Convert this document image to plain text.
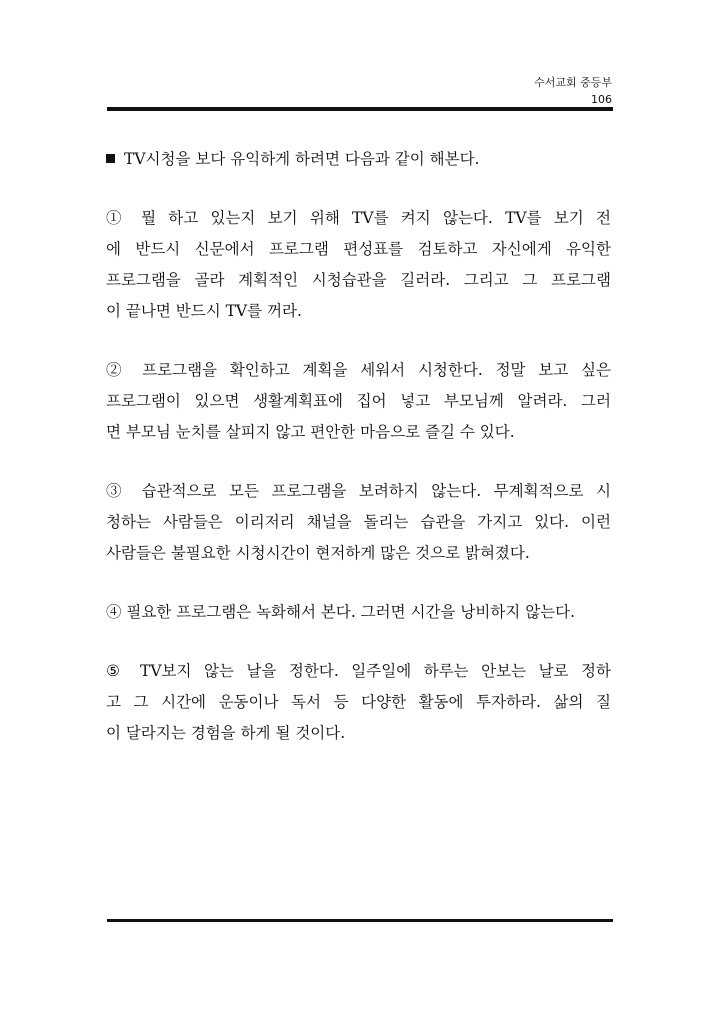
수서교회 중등부
106
TV시청을 보다 유익하게 하려면 다음과 같이 해본다.
① 뭘 하고 있는지 보기 위해 TV를 켜지 않는다. TV를 보기 전
에 반드시 신문에서 프로그램 편성표를 검토하고 자신에게 유익한
프로그램을 골라 계획적인 시청습관을 길러라. 그리고 그 프로그램
이 끝나면 반드시 TV를 꺼라.
② 프로그램을 확인하고 계획을 세워서 시청한다. 정말 보고 싶은
프로그램이 있으면 생활계획표에 집어 넣고 부모님께 알려라. 그러
면 부모님 눈치를 살피지 않고 편안한 마음으로 즐길 수 있다.
③ 습관적으로 모든 프로그램을 보려하지 않는다. 무계획적으로 시
청하는 사람들은 이리저리 채널을 돌리는 습관을 가지고 있다. 이런
사람들은 불필요한 시청시간이 현저하게 많은 것으로 밝혀졌다.
④ 필요한 프로그램은 녹화해서 본다. 그러면 시간을 낭비하지 않는다.
⑤ TV보지 않는 날을 정한다. 일주일에 하루는 안보는 날로 정하
고 그 시간에 운동이나 독서 등 다양한 활동에 투자하라. 삶의 질
이 달라지는 경험을 하게 될 것이다.
